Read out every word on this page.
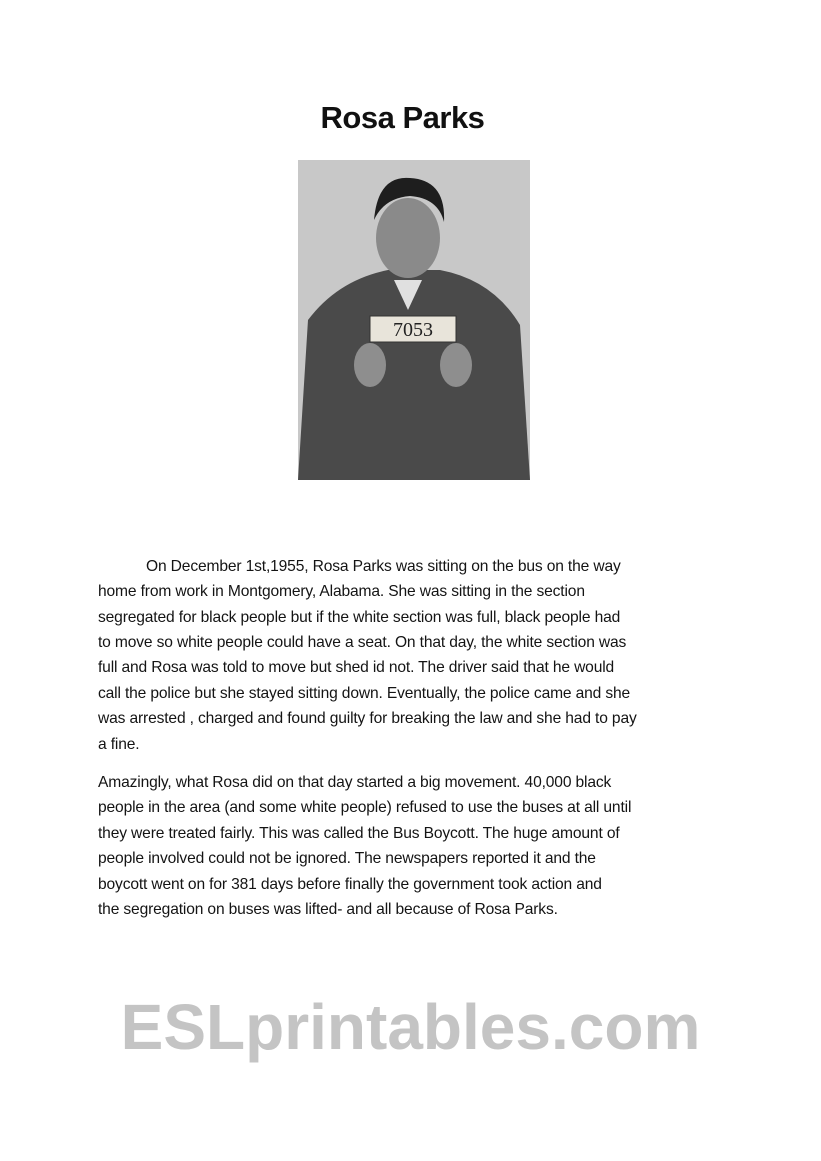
Rosa Parks
7053
On December 1st,1955, Rosa Parks was sitting on the bus on the way
home from work in Montgomery, Alabama. She was sitting in the section
segregated for black people but if the white section was full, black people had
to move so white people could have a seat. On that day, the white section was
full and Rosa was told to move but shed id not. The driver said that he would
call the police but she stayed sitting down. Eventually, the police came and she
was arrested , charged and found guilty for breaking the law and she had to pay
a fine.
Amazingly, what Rosa did on that day started a big movement. 40,000 black
people in the area (and some white people) refused to use the buses at all until
they were treated fairly. This was called the Bus Boycott. The huge amount of
people involved could not be ignored. The newspapers reported it and the
boycott went on for 381 days before finally the government took action and
the segregation on buses was lifted- and all because of Rosa Parks.
ESLprintables.com
